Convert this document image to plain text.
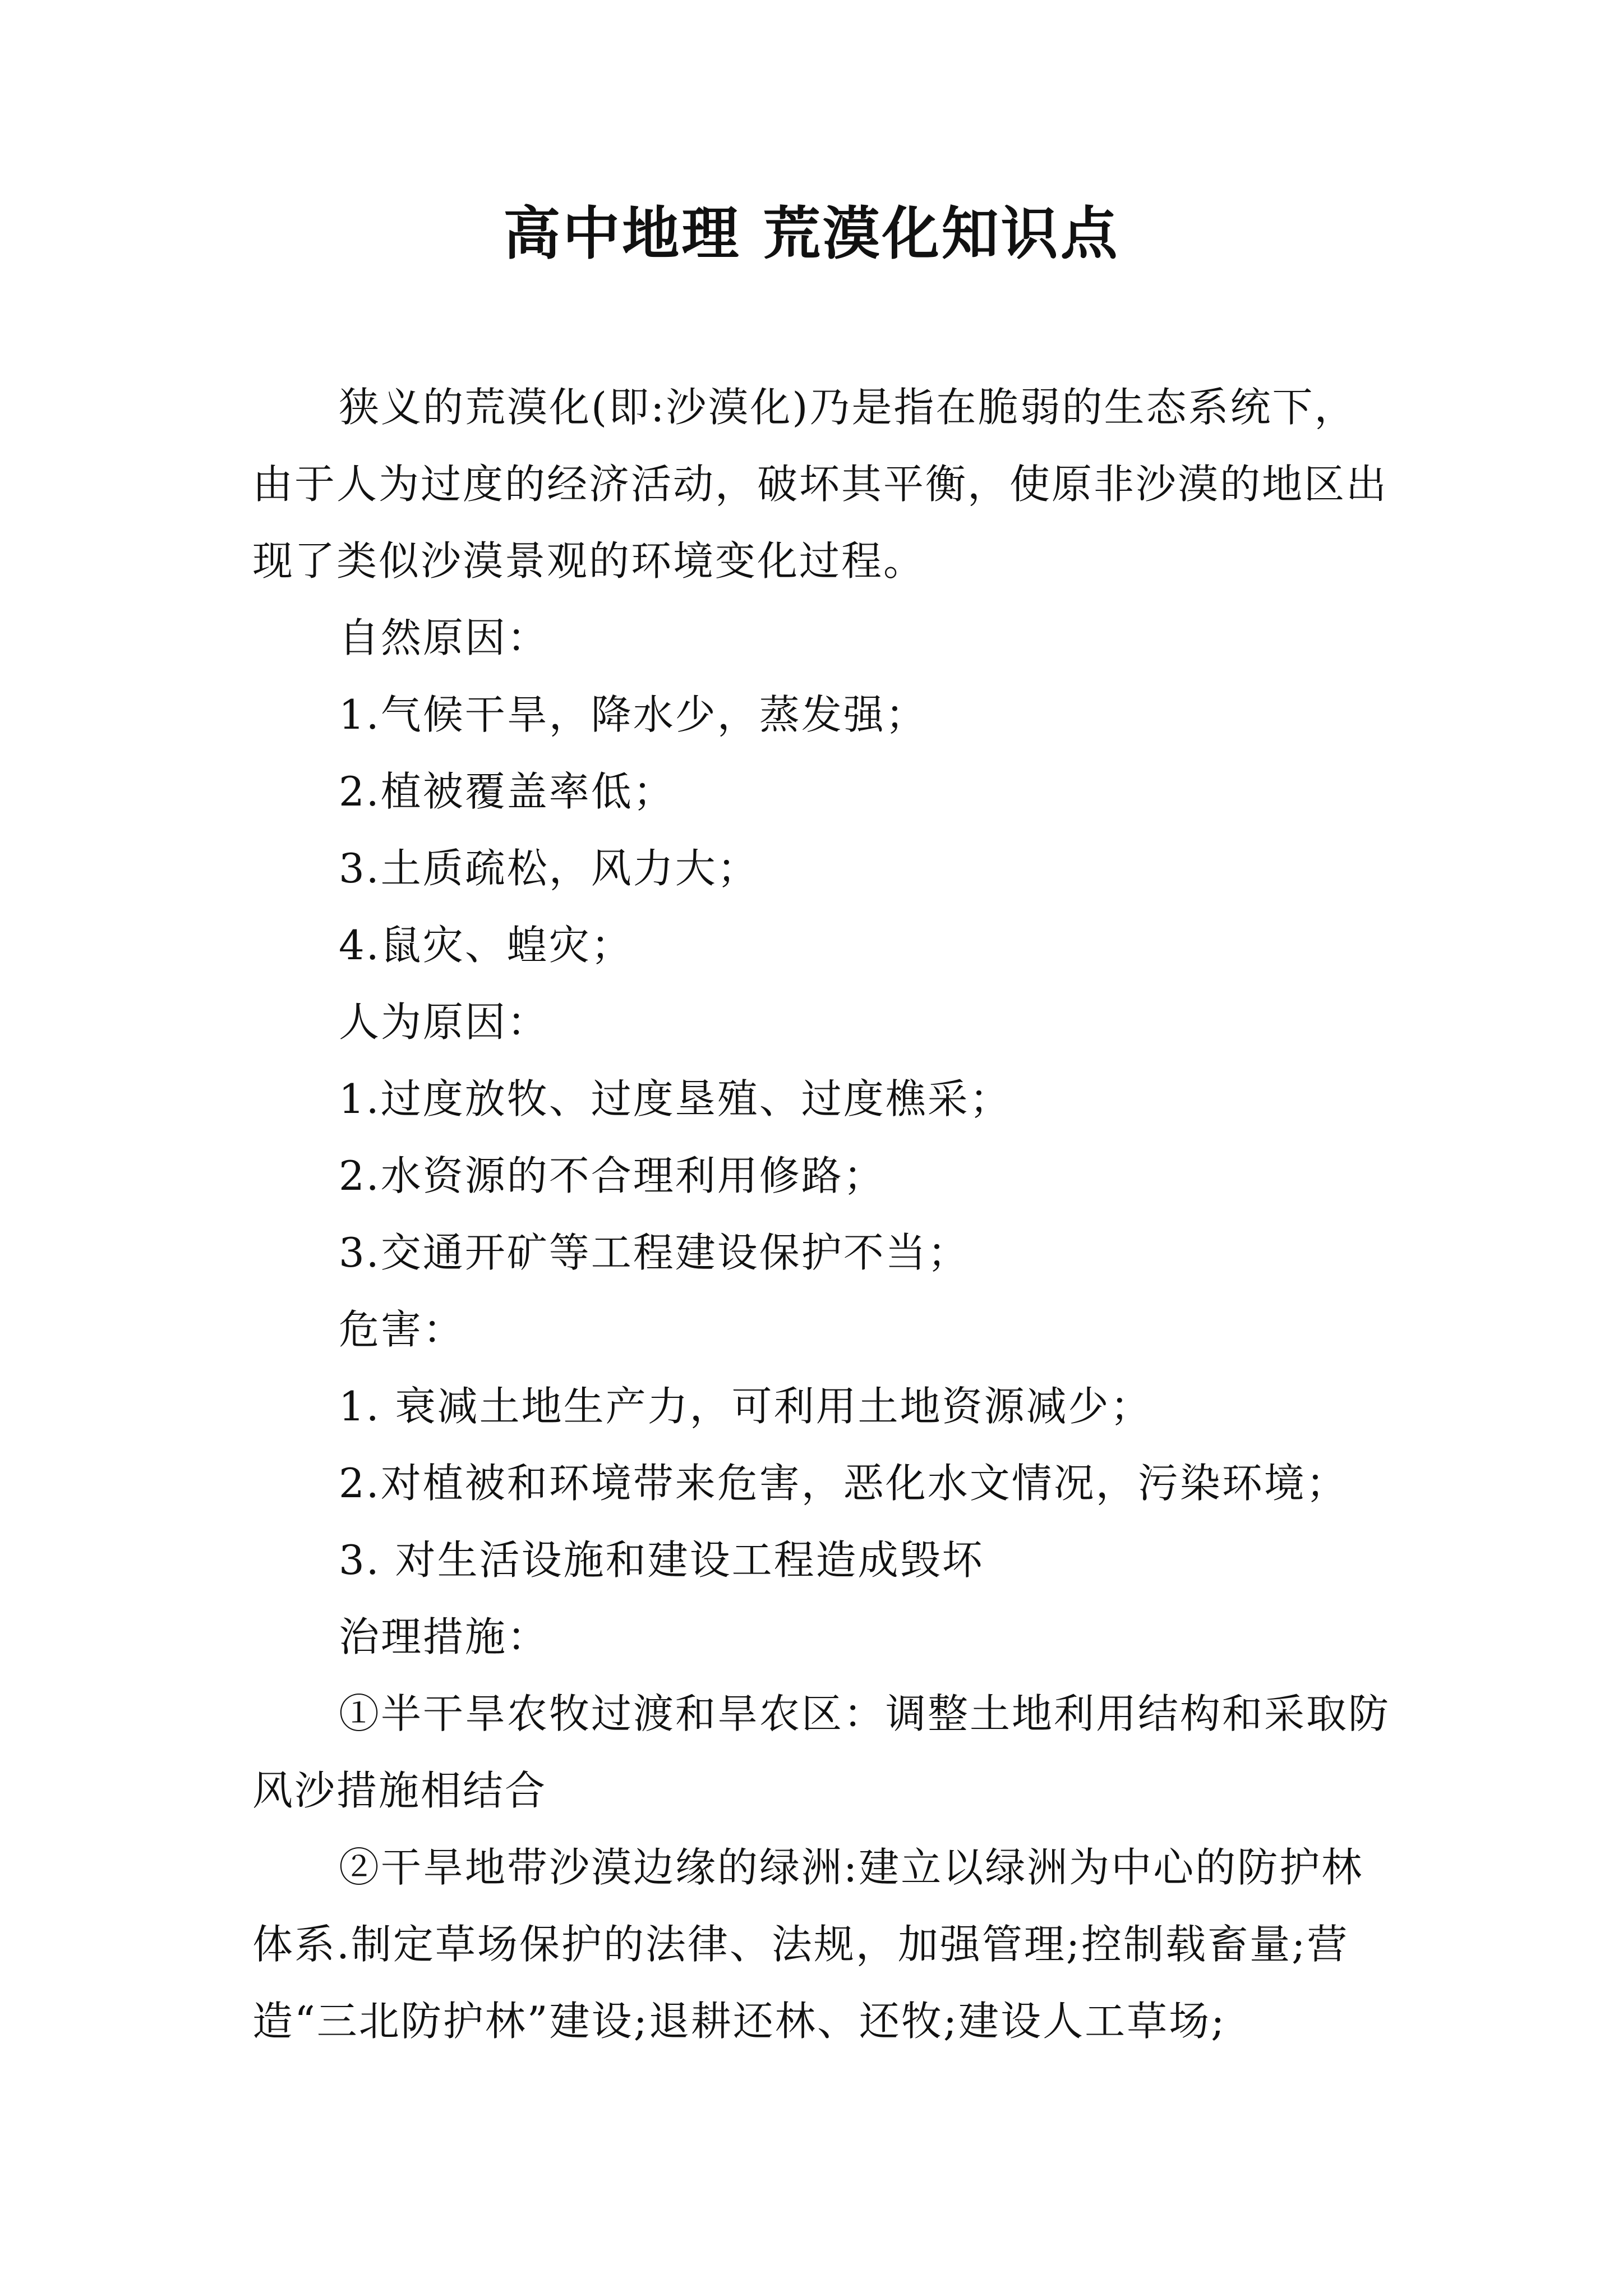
高中地理 荒漠化知识点

狭义的荒漠化(即:沙漠化)乃是指在脆弱的生态系统下，由于人为过度的经济活动，破坏其平衡，使原非沙漠的地区出现了类似沙漠景观的环境变化过程。

自然原因：

1.气候干旱，降水少，蒸发强；

2.植被覆盖率低；

3.土质疏松，风力大；

4.鼠灾、蝗灾；

人为原因：

1.过度放牧、过度垦殖、过度樵采；

2.水资源的不合理利用修路；

3.交通开矿等工程建设保护不当；

危害：

1. 衰减土地生产力，可利用土地资源减少；

2.对植被和环境带来危害，恶化水文情况，污染环境；

3. 对生活设施和建设工程造成毁坏

治理措施：

①半干旱农牧过渡和旱农区：调整土地利用结构和采取防风沙措施相结合

②干旱地带沙漠边缘的绿洲:建立以绿洲为中心的防护林体系.制定草场保护的法律、法规，加强管理;控制载畜量;营造“三北防护林”建设;退耕还林、还牧;建设人工草场;
